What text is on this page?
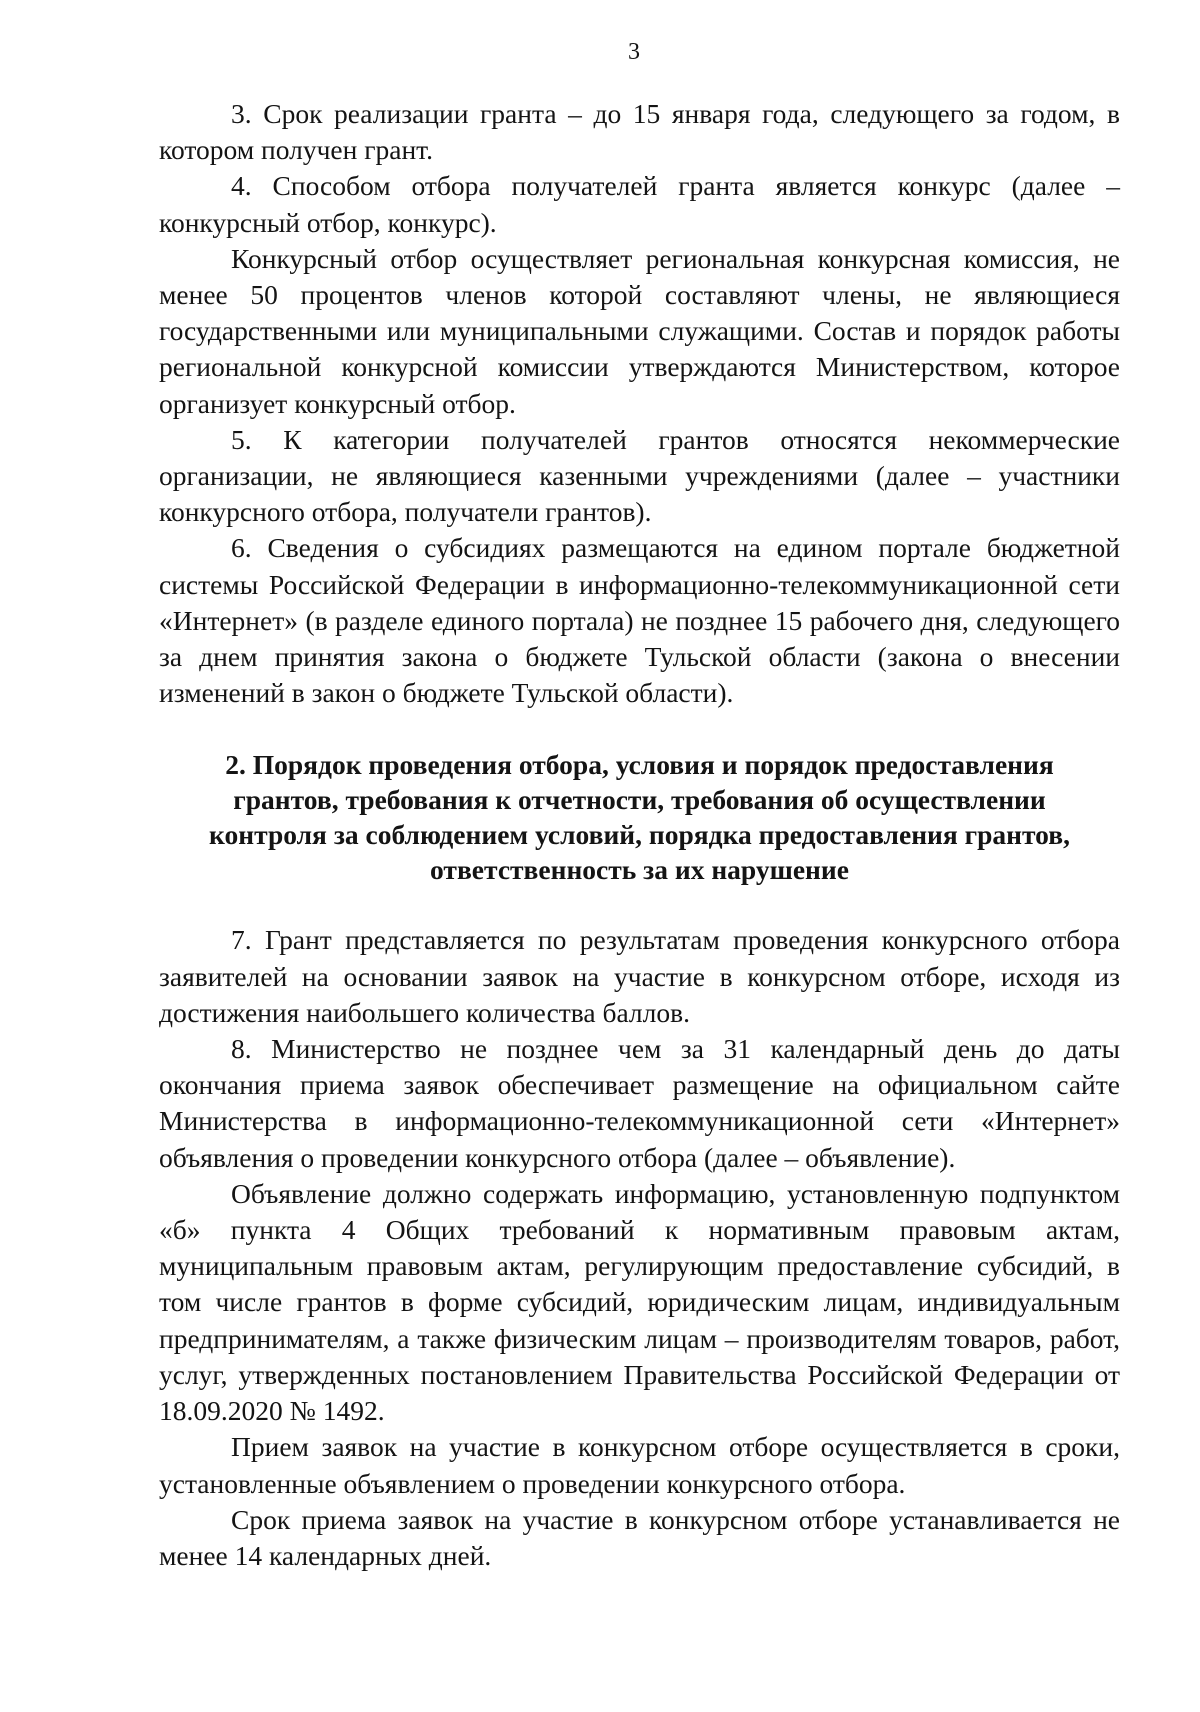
3

3. Срок реализации гранта – до 15 января года, следующего за годом, в котором получен грант.

4. Способом отбора получателей гранта является конкурс (далее – конкурсный отбор, конкурс).

Конкурсный отбор осуществляет региональная конкурсная комиссия, не менее 50 процентов членов которой составляют члены, не являющиеся государственными или муниципальными служащими. Состав и порядок работы региональной конкурсной комиссии утверждаются Министерством, которое организует конкурсный отбор.

5. К категории получателей грантов относятся некоммерческие организации, не являющиеся казенными учреждениями (далее – участники конкурсного отбора, получатели грантов).

6. Сведения о субсидиях размещаются на едином портале бюджетной системы Российской Федерации в информационно-телекоммуникационной сети «Интернет» (в разделе единого портала) не позднее 15 рабочего дня, следующего за днем принятия закона о бюджете Тульской области (закона о внесении изменений в закон о бюджете Тульской области).

2. Порядок проведения отбора, условия и порядок предоставления
грантов, требования к отчетности, требования об осуществлении
контроля за соблюдением условий, порядка предоставления грантов,
ответственность за их нарушение

7. Грант представляется по результатам проведения конкурсного отбора заявителей на основании заявок на участие в конкурсном отборе, исходя из достижения наибольшего количества баллов.

8. Министерство не позднее чем за 31 календарный день до даты окончания приема заявок обеспечивает размещение на официальном сайте Министерства в информационно-телекоммуникационной сети «Интернет» объявления о проведении конкурсного отбора (далее – объявление).

Объявление должно содержать информацию, установленную подпунктом «б» пункта 4 Общих требований к нормативным правовым актам, муниципальным правовым актам, регулирующим предоставление субсидий, в том числе грантов в форме субсидий, юридическим лицам, индивидуальным предпринимателям, а также физическим лицам – производителям товаров, работ, услуг, утвержденных постановлением Правительства Российской Федерации от 18.09.2020 № 1492.

Прием заявок на участие в конкурсном отборе осуществляется в сроки, установленные объявлением о проведении конкурсного отбора.

Срок приема заявок на участие в конкурсном отборе устанавливается не менее 14 календарных дней.
